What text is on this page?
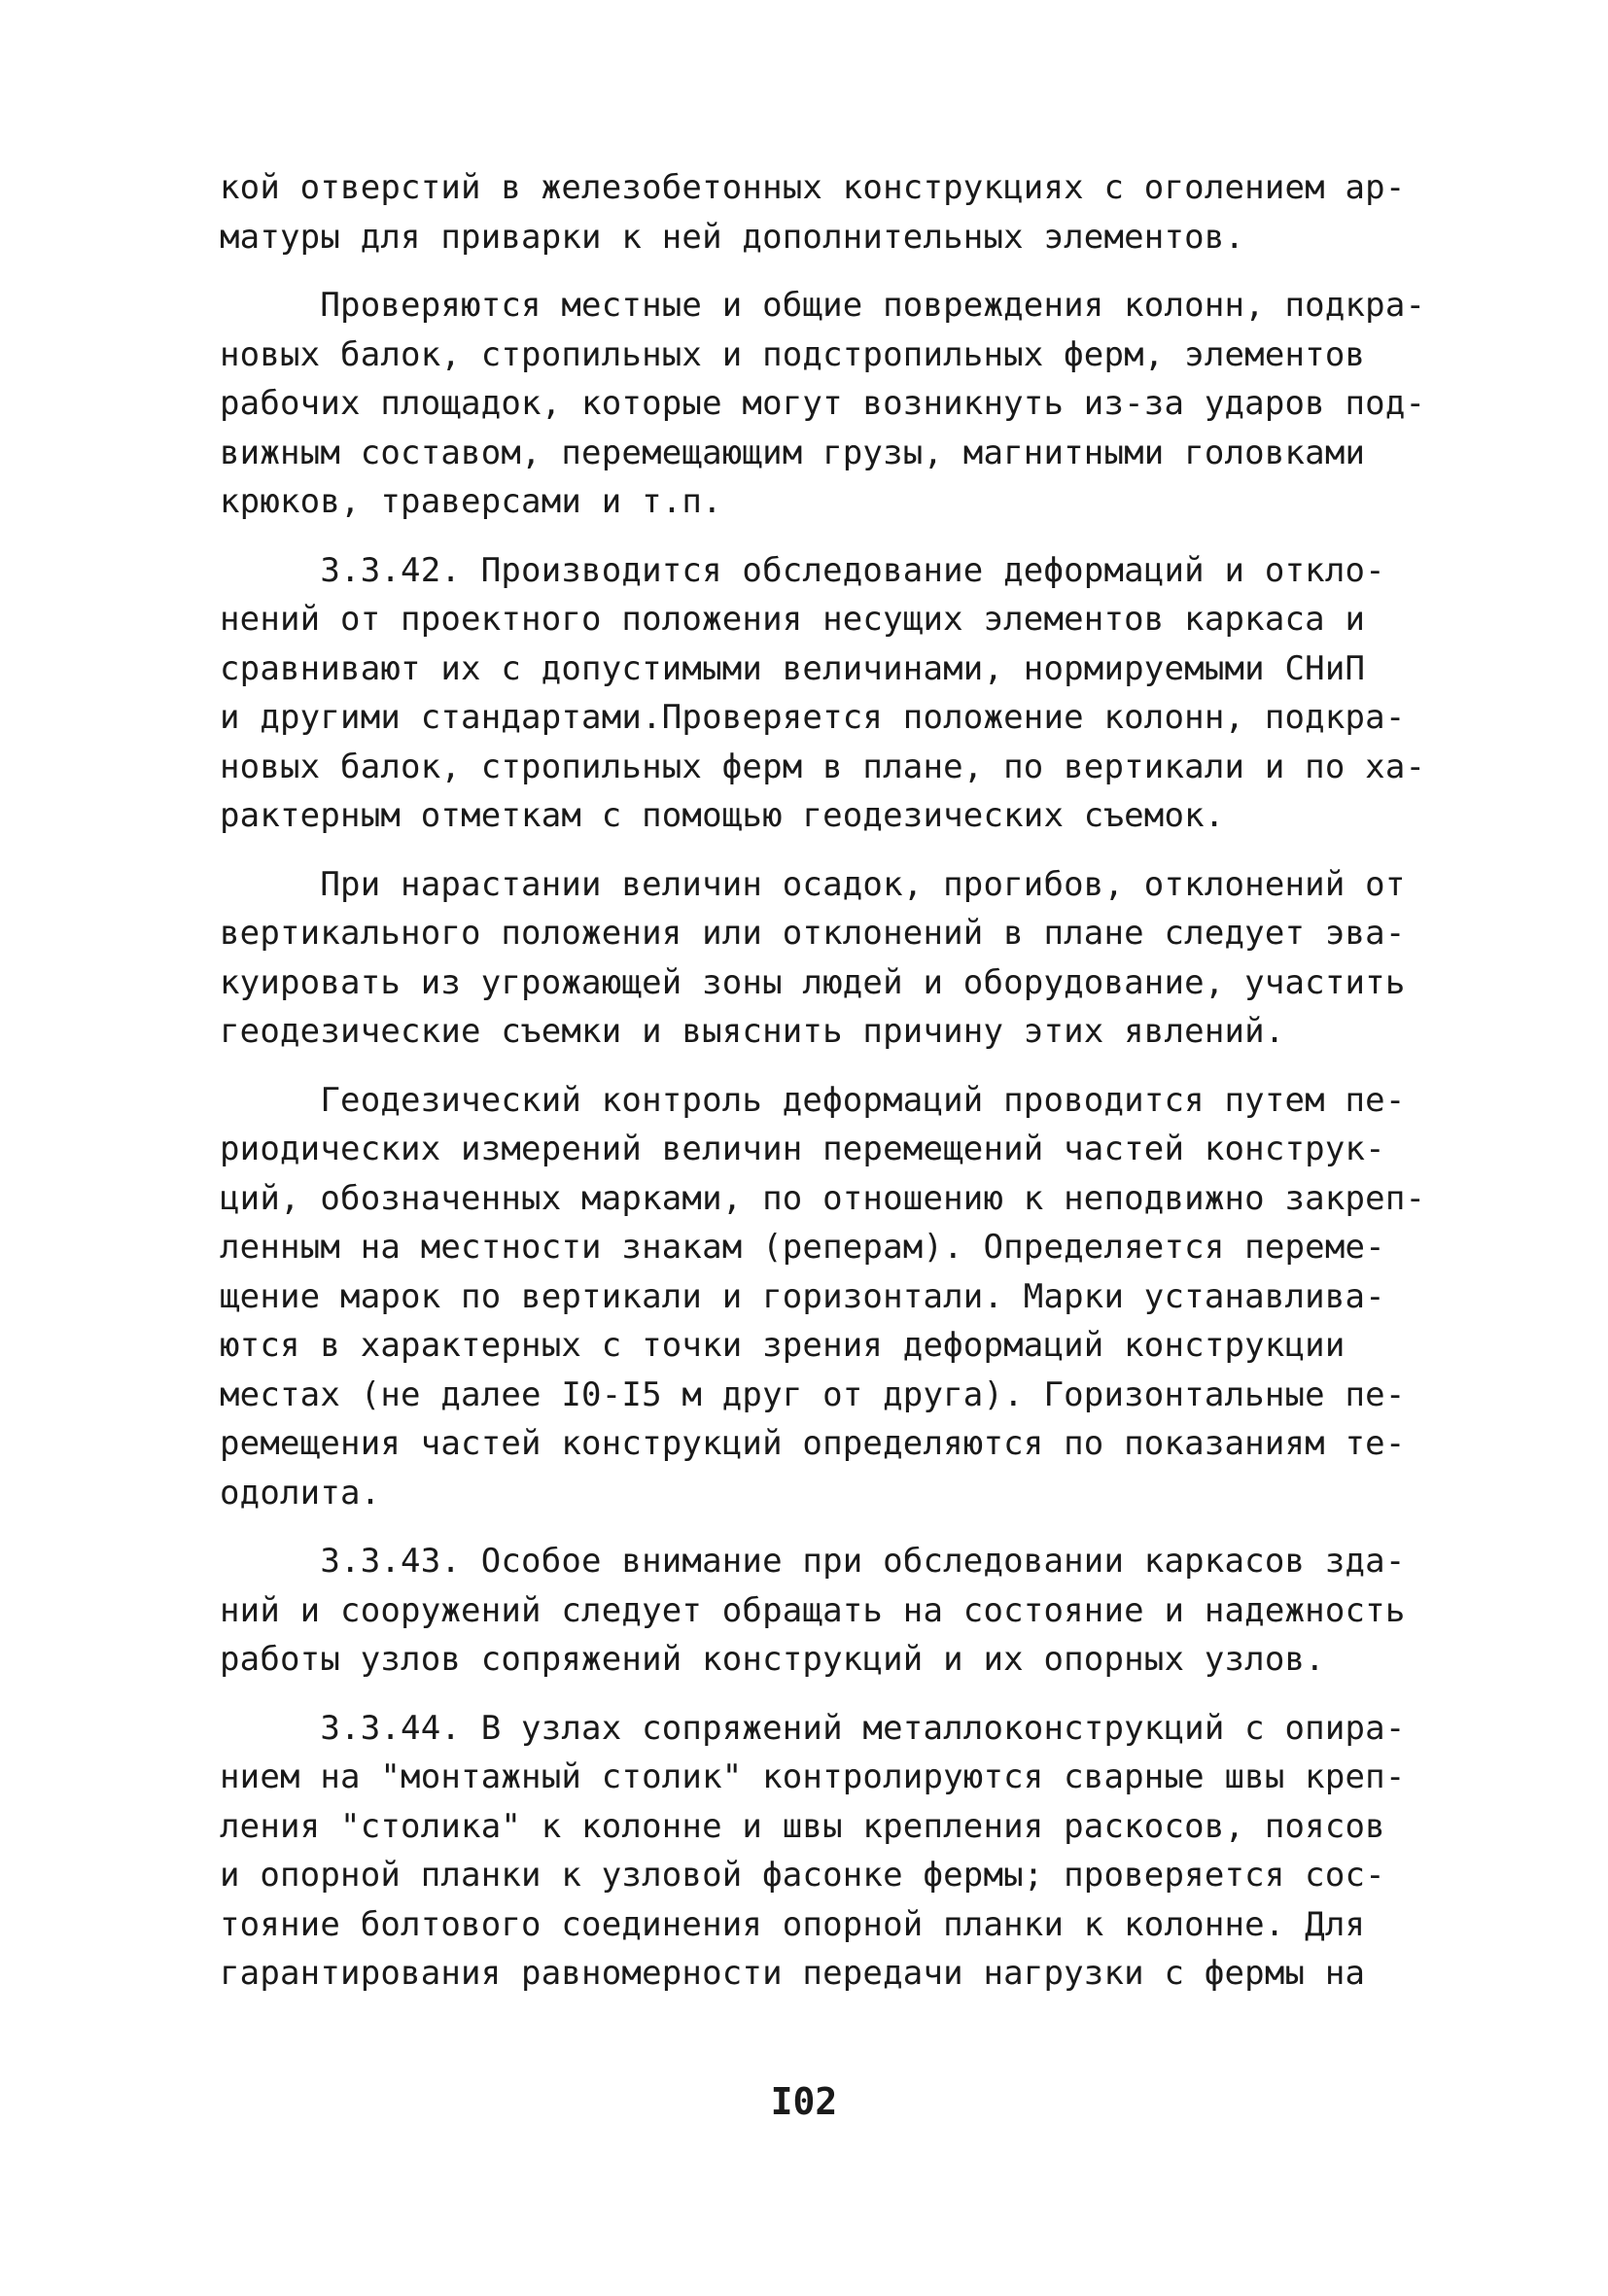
кой отверстий в железобетонных конструкциях с оголением ар-
матуры для приварки к ней дополнительных элементов.
Проверяются местные и общие повреждения колонн, подкра-
новых балок, стропильных и подстропильных ферм, элементов
рабочих площадок, которые могут возникнуть из-за ударов под-
вижным составом, перемещающим грузы, магнитными головками
крюков, траверсами и т.п.
3.3.42. Производится обследование деформаций и откло-
нений от проектного положения несущих элементов каркаса и
сравнивают их с допустимыми величинами, нормируемыми СНиП
и другими стандартами.Проверяется положение колонн, подкра-
новых балок, стропильных ферм в плане, по вертикали и по ха-
рактерным отметкам с помощью геодезических съемок.
При нарастании величин осадок, прогибов, отклонений от
вертикального положения или отклонений в плане следует эва-
куировать из угрожающей зоны людей и оборудование, участить
геодезические съемки и выяснить причину этих явлений.
Геодезический контроль деформаций проводится путем пе-
риодических измерений величин перемещений частей конструк-
ций, обозначенных марками, по отношению к неподвижно закреп-
ленным на местности знакам (реперам). Определяется переме-
щение марок по вертикали и горизонтали. Марки устанавлива-
ются в характерных с точки зрения деформаций конструкции
местах (не далее I0-I5 м друг от друга). Горизонтальные пе-
ремещения частей конструкций определяются по показаниям те-
одолита.
3.3.43. Особое внимание при обследовании каркасов зда-
ний и сооружений следует обращать на состояние и надежность
работы узлов сопряжений конструкций и их опорных узлов.
3.3.44. В узлах сопряжений металлоконструкций с опира-
нием на "монтажный столик" контролируются сварные швы креп-
ления "столика" к колонне и швы крепления раскосов, поясов
и опорной планки к узловой фасонке фермы; проверяется сос-
тояние болтового соединения опорной планки к колонне. Для
гарантирования равномерности передачи нагрузки с фермы на
I02
